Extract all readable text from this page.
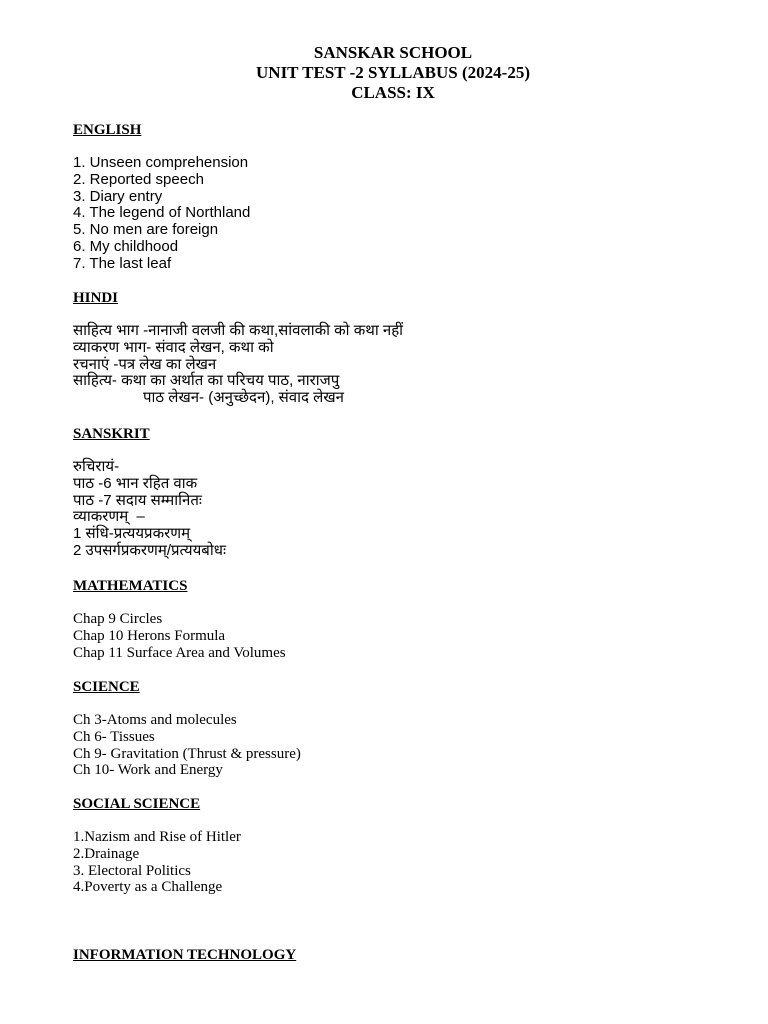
SANSKAR SCHOOL
UNIT TEST -2 SYLLABUS (2024-25)
CLASS: IX
ENGLISH
1. Unseen comprehension
2. Reported speech
3. Diary entry
4. The legend of Northland
5. No men are foreign
6. My childhood
7. The last leaf
HINDI
साहित्य भाग -नानाजी वलजी की कथा,सांवलाकी को कथा नहीं
व्याकरण भाग- संवाद लेखन, कथा को
रचनाएं -पत्र लेख का लेखन
साहित्य- कथा का अर्थात का परिचय पाठ, नाराजपु
पाठ लेखन- (अनुच्छेदन), संवाद लेखन
SANSKRIT
रुचिरायं-
पाठ -6 भान रहित वाक
पाठ -7 सदाय सम्मानितः
व्याकरणम्  –
1 संधि-प्रत्ययप्रकरणम्
2 उपसर्गप्रकरणम्/प्रत्ययबोधः
MATHEMATICS
Chap 9 Circles
Chap 10 Herons Formula
Chap 11 Surface Area and Volumes
SCIENCE
Ch 3-Atoms and molecules
Ch 6- Tissues
Ch 9- Gravitation (Thrust & pressure)
Ch 10- Work and Energy
SOCIAL SCIENCE
1.Nazism and Rise of Hitler
2.Drainage
3. Electoral Politics
4.Poverty as a Challenge
INFORMATION TECHNOLOGY
